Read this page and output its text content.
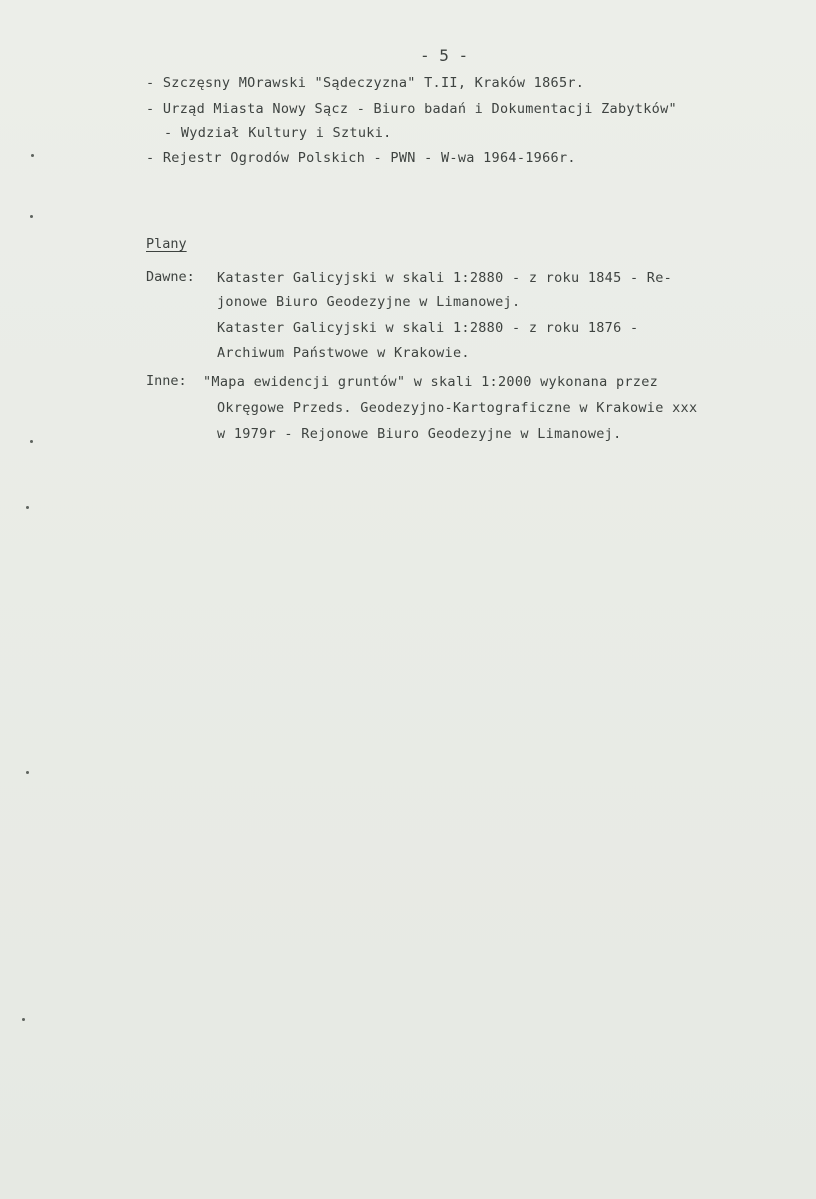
- 5 -
- Szczęsny MOrawski "Sądeczyzna" T.II, Kraków 1865r.
- Urząd Miasta Nowy Sącz - Biuro badań i Dokumentacji Zabytków"
- Wydział Kultury i Sztuki.
- Rejestr Ogrodów Polskich - PWN - W-wa 1964-1966r.
Plany
Dawne: Kataster Galicyjski w skali 1:2880 - z roku 1845 - Re-
jonowe Biuro Geodezyjne w Limanowej.
Kataster Galicyjski w skali 1:2880 - z roku 1876 -
Archiwum Państwowe w Krakowie.
Inne: "Mapa ewidencji gruntów" w skali 1:2000 wykonana przez
Okręgowe Przeds. Geodezyjno-Kartograficzne w Krakowie xxx
w 1979r - Rejonowe Biuro Geodezyjne w Limanowej.
